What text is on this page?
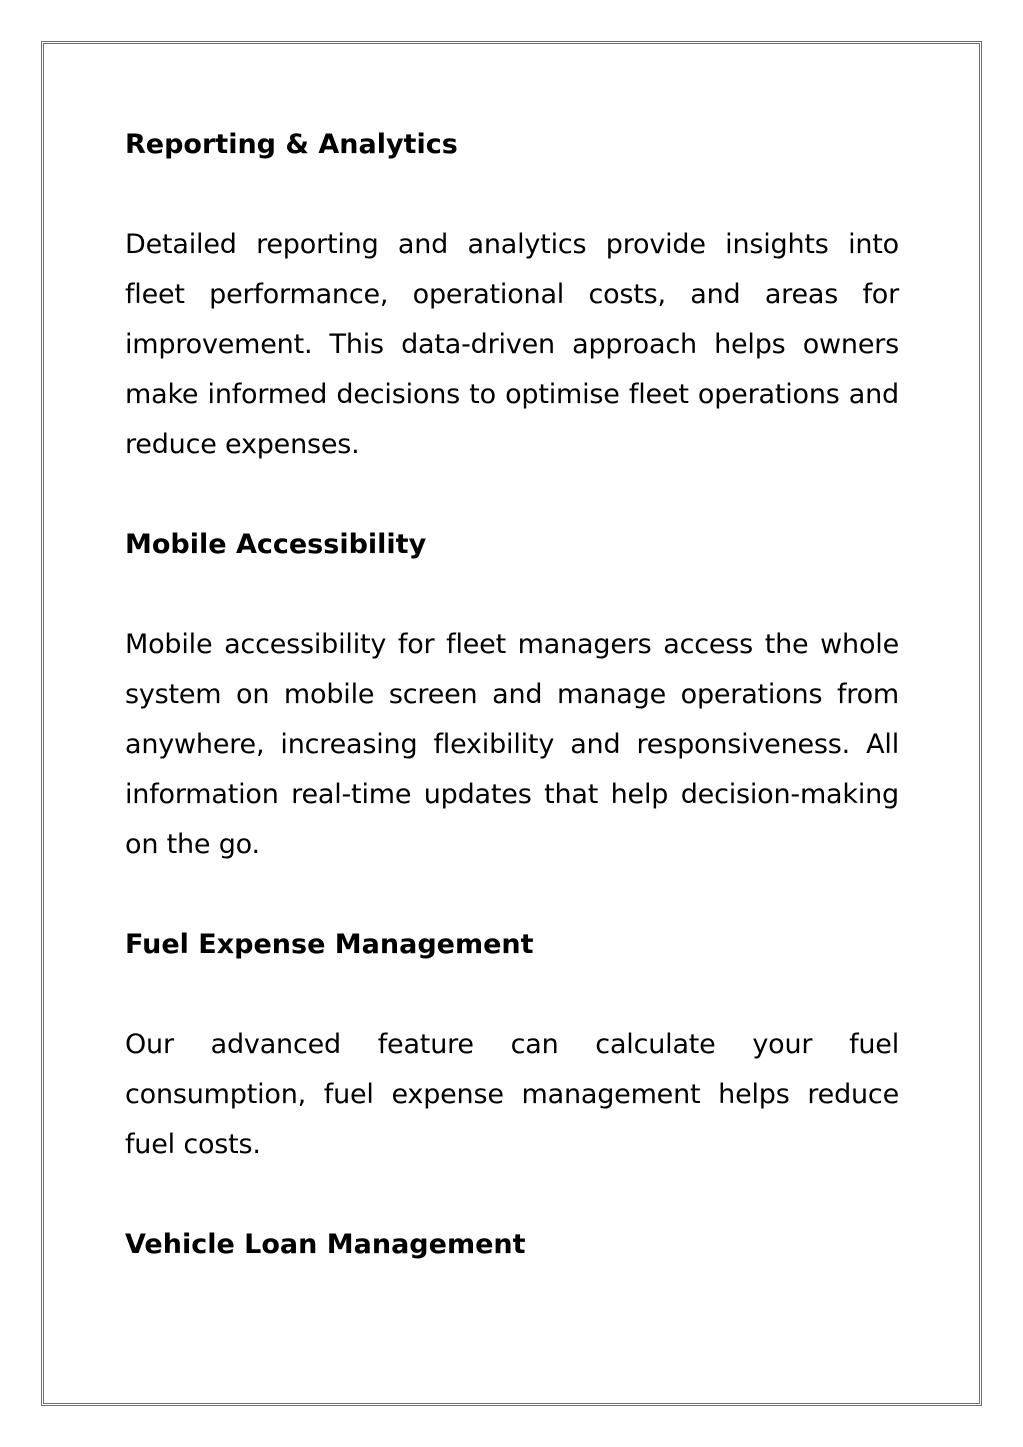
Reporting & Analytics

Detailed reporting and analytics provide insights into fleet performance, operational costs, and areas for improvement. This data-driven approach helps owners make informed decisions to optimise fleet operations and reduce expenses.

Mobile Accessibility

Mobile accessibility for fleet managers access the whole system on mobile screen and manage operations from anywhere, increasing flexibility and responsiveness. All information real-time updates that help decision-making on the go.

Fuel Expense Management

Our advanced feature can calculate your fuel consumption, fuel expense management helps reduce fuel costs.

Vehicle Loan Management
